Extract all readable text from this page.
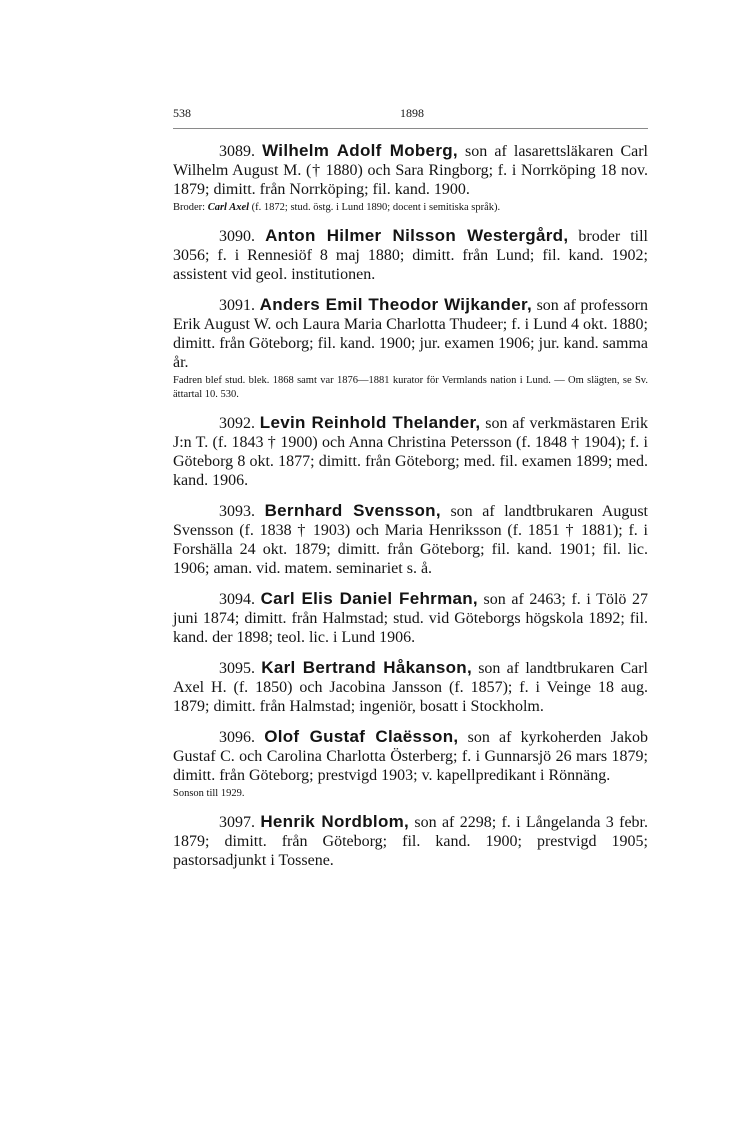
538	1898

3089. Wilhelm Adolf Moberg, son af lasarettsläkaren Carl Wilhelm August M. († 1880) och Sara Ringborg; f. i Norrköping 18 nov. 1879; dimitt. från Norrköping; fil. kand. 1900.

Broder: Carl Axel (f. 1872; stud. östg. i Lund 1890; docent i semitiska språk).

3090. Anton Hilmer Nilsson Westergård, broder till 3056; f. i Rennesiöf 8 maj 1880; dimitt. från Lund; fil. kand. 1902; assistent vid geol. institutionen.

3091. Anders Emil Theodor Wijkander, son af professorn Erik August W. och Laura Maria Charlotta Thudeer; f. i Lund 4 okt. 1880; dimitt. från Göteborg; fil. kand. 1900; jur. examen 1906; jur. kand. samma år.

Fadren blef stud. blek. 1868 samt var 1876—1881 kurator för Vermlands nation i Lund. — Om slägten, se Sv. ättartal 10. 530.

3092. Levin Reinhold Thelander, son af verkmästaren Erik J:n T. (f. 1843 † 1900) och Anna Christina Petersson (f. 1848 † 1904); f. i Göteborg 8 okt. 1877; dimitt. från Göteborg; med. fil. examen 1899; med. kand. 1906.

3093. Bernhard Svensson, son af landtbrukaren August Svensson (f. 1838 † 1903) och Maria Henriksson (f. 1851 † 1881); f. i Forshälla 24 okt. 1879; dimitt. från Göteborg; fil. kand. 1901; fil. lic. 1906; aman. vid. matem. seminariet s. å.

3094. Carl Elis Daniel Fehrman, son af 2463; f. i Tölö 27 juni 1874; dimitt. från Halmstad; stud. vid Göteborgs högskola 1892; fil. kand. der 1898; teol. lic. i Lund 1906.

3095. Karl Bertrand Håkanson, son af landtbrukaren Carl Axel H. (f. 1850) och Jacobina Jansson (f. 1857); f. i Veinge 18 aug. 1879; dimitt. från Halmstad; ingeniör, bosatt i Stockholm.

3096. Olof Gustaf Claësson, son af kyrkoherden Jakob Gustaf C. och Carolina Charlotta Österberg; f. i Gunnarsjö 26 mars 1879; dimitt. från Göteborg; prestvigd 1903; v. kapellpredikant i Rönnäng.

Sonson till 1929.

3097. Henrik Nordblom, son af 2298; f. i Långelanda 3 febr. 1879; dimitt. från Göteborg; fil. kand. 1900; prestvigd 1905; pastorsadjunkt i Tossene.
